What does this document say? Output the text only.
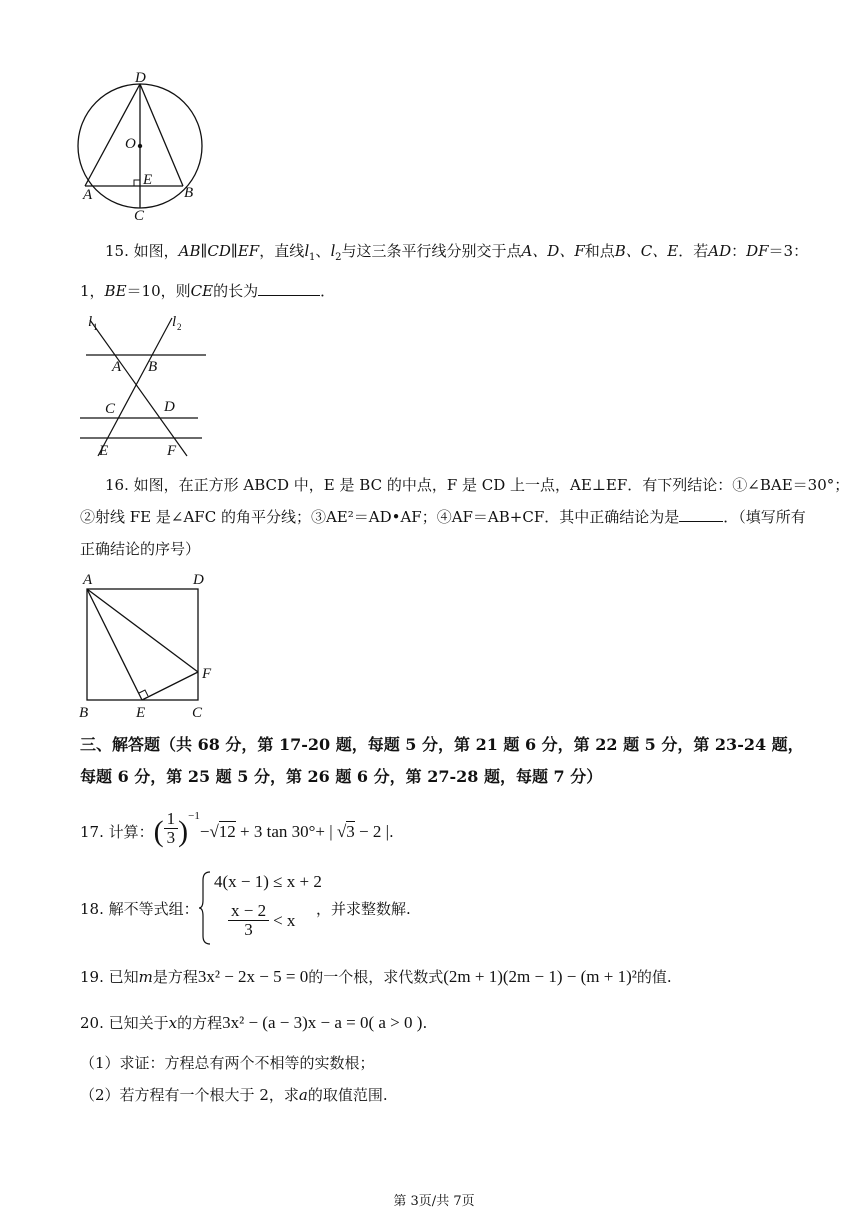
D
O
E
A	B
C
15. 如图，AB∥CD∥EF，直线$l_1$、$l_2$与这三条平行线分别交于点A、D、F和点B、C、E．若AD：DF＝3：
1，BE＝10，则CE的长为	．
l 1	l 2
A B
C	D
E	F
16. 如图，在正方形 ABCD 中，E 是 BC 的中点，F 是 CD 上一点，AE⊥EF．有下列结论：①∠BAE＝30°；
②射线 FE 是∠AFC 的角平分线；③AE²＝AD•AF；④AF＝AB+CF．其中正确结论为是	．（填写所有
正确结论的序号）
A	D
F
B	E	C
三、解答题（共 68 分，第 17-20 题，每题 5 分，第 21 题 6 分，第 22 题 5 分，第 23-24 题，
每题 6 分，第 25 题 5 分，第 26 题 6 分，第 27-28 题，每题 7 分）
17. 计算： ( $\frac{1}{3} )^{-1}$
− √12 + 3 tan 30°+ | √3 − 2 | .
18. 解不等式组：
4(x − 1) ≤ x + 2
$\frac{x - 2}{3} < x$
，并求整数解.
19. 已知m是方程3x² − 2x − 5 = 0的一个根，求代数式(2m + 1)(2m − 1) − (m + 1)²的值.
20. 已知关于x的方程3x² − (a − 3)x − a = 0( a > 0 ).
（1）求证：方程总有两个不相等的实数根；
（2）若方程有一个根大于 2，求a的取值范围.
第 3页/共 7页
